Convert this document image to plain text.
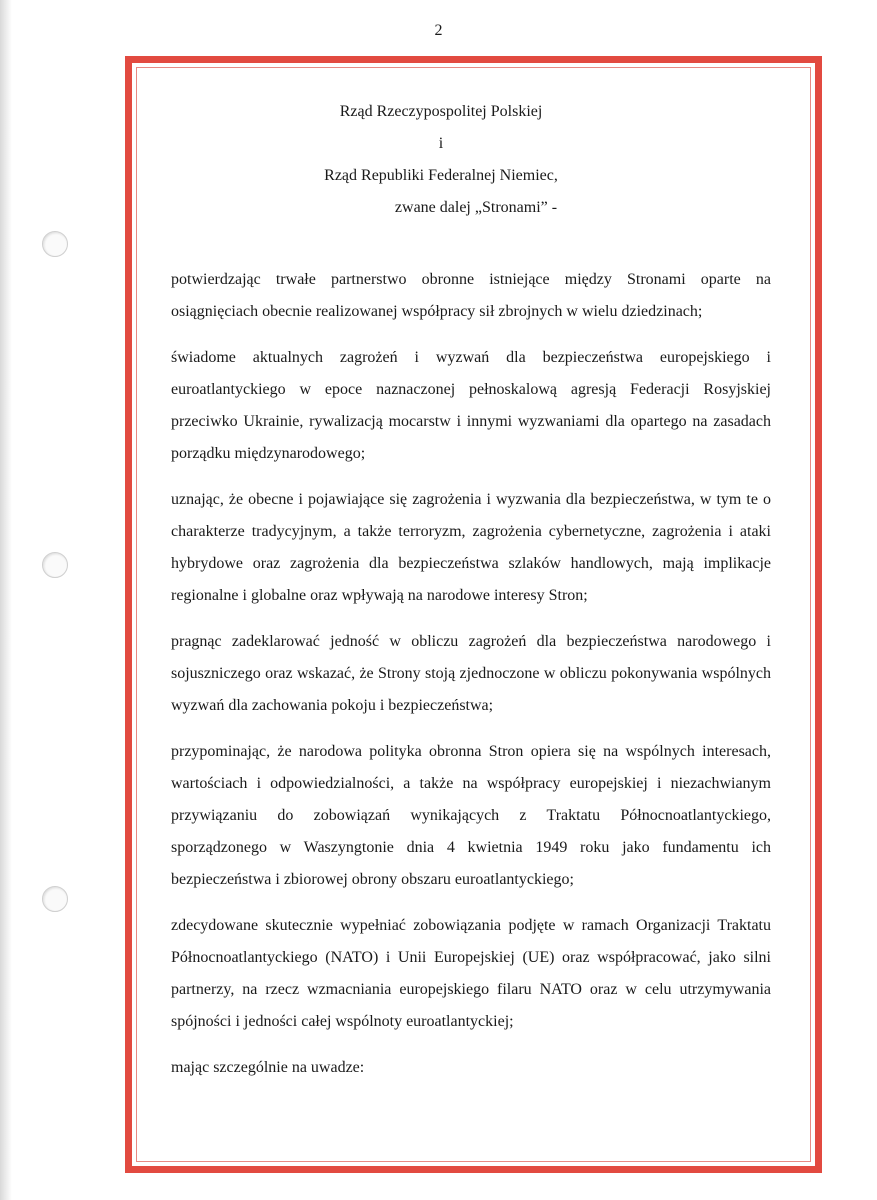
2

Rząd Rzeczypospolitej Polskiej

i

Rząd Republiki Federalnej Niemiec,

zwane dalej „Stronami” -

potwierdzając trwałe partnerstwo obronne istniejące między Stronami oparte na osiągnięciach obecnie realizowanej współpracy sił zbrojnych w wielu dziedzinach;

świadome aktualnych zagrożeń i wyzwań dla bezpieczeństwa europejskiego i euroatlantyckiego w epoce naznaczonej pełnoskalową agresją Federacji Rosyjskiej przeciwko Ukrainie, rywalizacją mocarstw i innymi wyzwaniami dla opartego na zasadach porządku międzynarodowego;

uznając, że obecne i pojawiające się zagrożenia i wyzwania dla bezpieczeństwa, w tym te o charakterze tradycyjnym, a także terroryzm, zagrożenia cybernetyczne, zagrożenia i ataki hybrydowe oraz zagrożenia dla bezpieczeństwa szlaków handlowych, mają implikacje regionalne i globalne oraz wpływają na narodowe interesy Stron;

pragnąc zadeklarować jedność w obliczu zagrożeń dla bezpieczeństwa narodowego i sojuszniczego oraz wskazać, że Strony stoją zjednoczone w obliczu pokonywania wspólnych wyzwań dla zachowania pokoju i bezpieczeństwa;

przypominając, że narodowa polityka obronna Stron opiera się na wspólnych interesach, wartościach i odpowiedzialności, a także na współpracy europejskiej i niezachwianym przywiązaniu do zobowiązań wynikających z Traktatu Północnoatlantyckiego, sporządzonego w Waszyngtonie dnia 4 kwietnia 1949 roku jako fundamentu ich bezpieczeństwa i zbiorowej obrony obszaru euroatlantyckiego;

zdecydowane skutecznie wypełniać zobowiązania podjęte w ramach Organizacji Traktatu Północnoatlantyckiego (NATO) i Unii Europejskiej (UE) oraz współpracować, jako silni partnerzy, na rzecz wzmacniania europejskiego filaru NATO oraz w celu utrzymywania spójności i jedności całej wspólnoty euroatlantyckiej;

mając szczególnie na uwadze:
